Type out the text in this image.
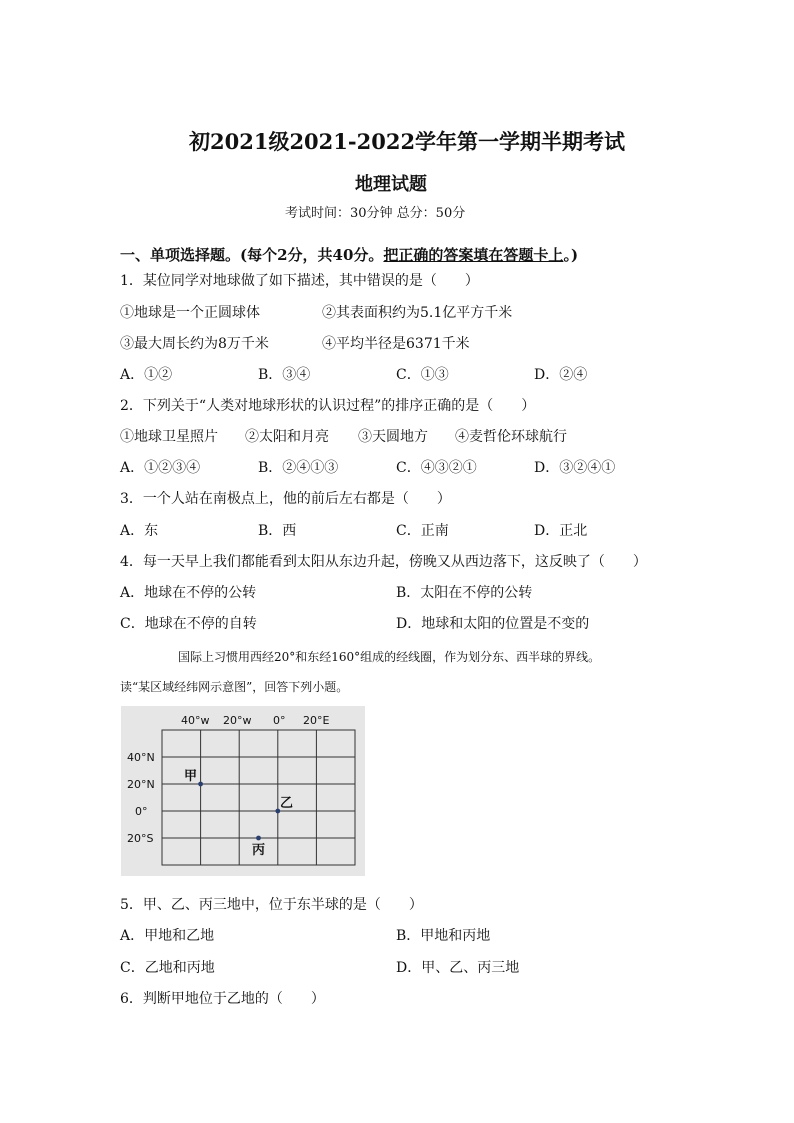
初2021级2021-2022学年第一学期半期考试
地理试题
考试时间：30分钟 总分：50分
一、单项选择题。(每个2分，共40分。把正确的答案填在答题卡上。)
1．某位同学对地球做了如下描述，其中错误的是（　　）
①地球是一个正圆球体	②其表面积约为5.1亿平方千米
③最大周长约为8万千米	④平均半径是6371千米
A．①②	B．③④	C．①③	D．②④
2．下列关于“人类对地球形状的认识过程”的排序正确的是（　　）
①地球卫星照片 ②太阳和月亮 ③天圆地方 ④麦哲伦环球航行
A．①②③④	B．②④①③	C．④③②①	D．③②④①
3．一个人站在南极点上，他的前后左右都是（　　）
A．东	B．西	C．正南	D．正北
4．每一天早上我们都能看到太阳从东边升起，傍晚又从西边落下，这反映了（　　）
A．地球在不停的公转	B．太阳在不停的公转
C．地球在不停的自转	D．地球和太阳的位置是不变的
国际上习惯用西经20°和东经160°组成的经线圈，作为划分东、西半球的界线。
读“某区域经纬网示意图”，回答下列小题。
40°w 20°w 0° 20°E
40°N
20°N
0°
20°S
甲
乙
丙
5．甲、乙、丙三地中，位于东半球的是（　　）
A．甲地和乙地	B．甲地和丙地
C．乙地和丙地	D．甲、乙、丙三地
6．判断甲地位于乙地的（　　）
